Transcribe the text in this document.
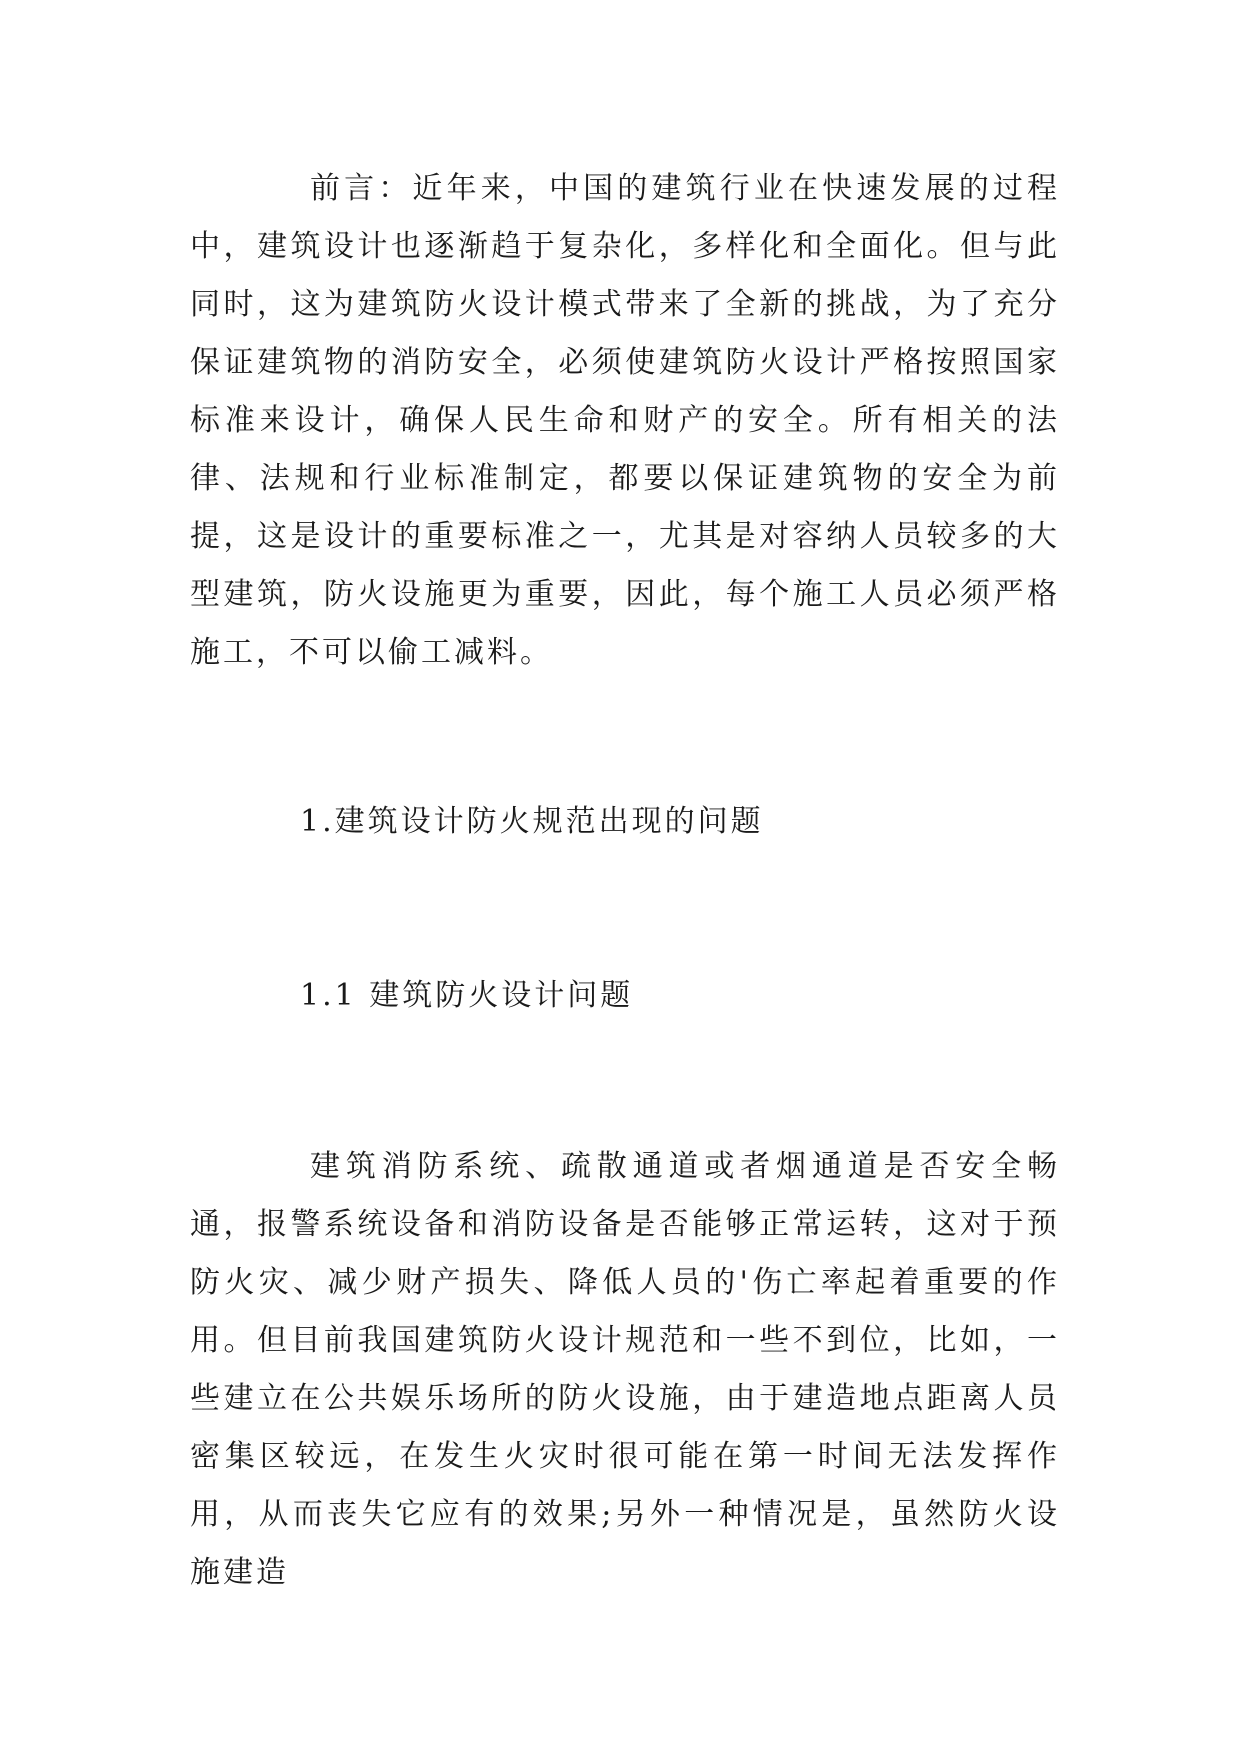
前言：近年来，中国的建筑行业在快速发展的过程中，建筑设计也逐渐趋于复杂化，多样化和全面化。但与此同时，这为建筑防火设计模式带来了全新的挑战，为了充分保证建筑物的消防安全，必须使建筑防火设计严格按照国家标准来设计，确保人民生命和财产的安全。所有相关的法律、法规和行业标准制定，都要以保证建筑物的安全为前提，这是设计的重要标准之一，尤其是对容纳人员较多的大型建筑，防火设施更为重要，因此，每个施工人员必须严格施工，不可以偷工减料。

1.建筑设计防火规范出现的问题
1.1 建筑防火设计问题

建筑消防系统、疏散通道或者烟通道是否安全畅通，报警系统设备和消防设备是否能够正常运转，这对于预防火灾、减少财产损失、降低人员的'伤亡率起着重要的作用。但目前我国建筑防火设计规范和一些不到位，比如，一些建立在公共娱乐场所的防火设施，由于建造地点距离人员密集区较远，在发生火灾时很可能在第一时间无法发挥作用，从而丧失它应有的效果;另外一种情况是，虽然防火设施建造
